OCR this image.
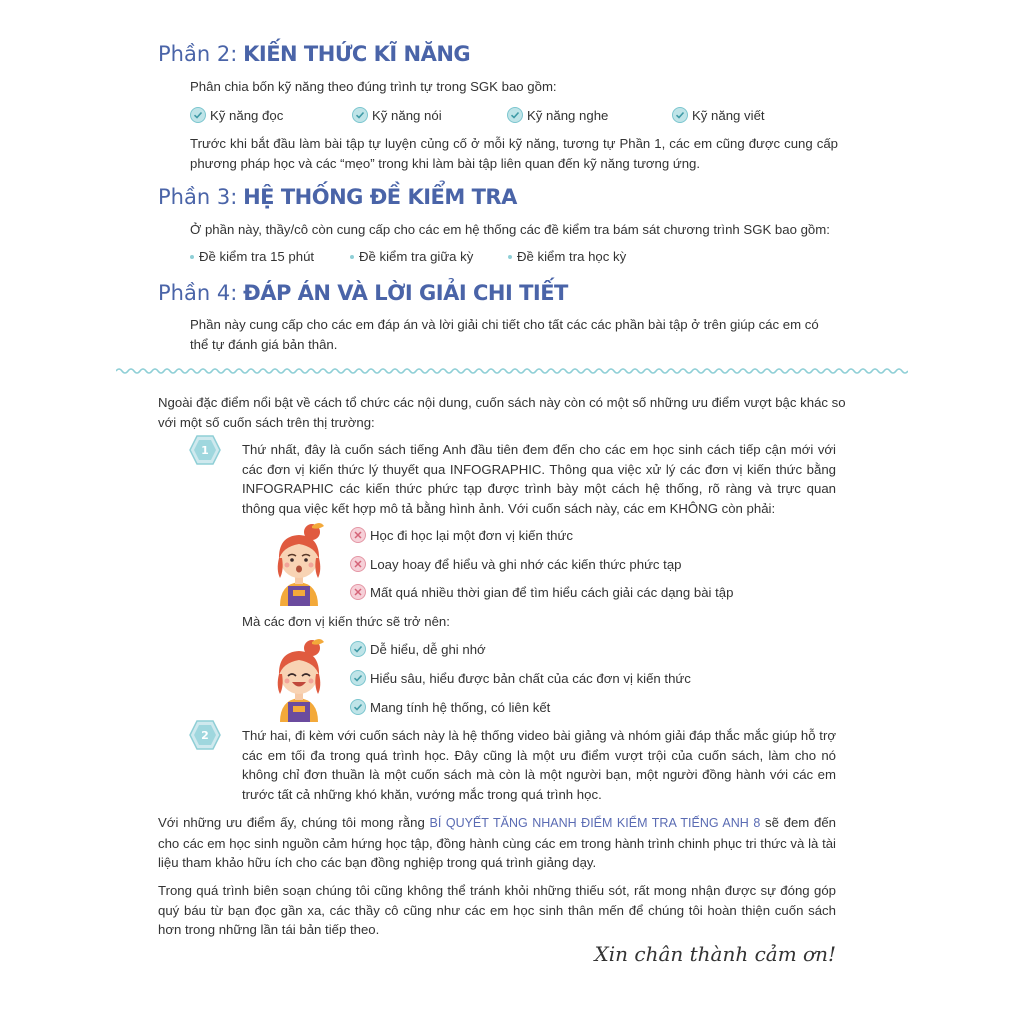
Phần 2: KIẾN THỨC KĨ NĂNG
Phân chia bốn kỹ năng theo đúng trình tự trong SGK bao gồm:
Kỹ năng đọc	Kỹ năng nói	Kỹ năng nghe	Kỹ năng viết
Trước khi bắt đầu làm bài tập tự luyện củng cố ở mỗi kỹ năng, tương tự Phần 1, các em cũng được cung cấp phương pháp học và các “mẹo” trong khi làm bài tập liên quan đến kỹ năng tương ứng.
Phần 3: HỆ THỐNG ĐỀ KIỂM TRA
Ở phần này, thầy/cô còn cung cấp cho các em hệ thống các đề kiểm tra bám sát chương trình SGK bao gồm:
Đề kiểm tra 15 phút	Đề kiểm tra giữa kỳ	Đề kiểm tra học kỳ
Phần 4: ĐÁP ÁN VÀ LỜI GIẢI CHI TIẾT
Phần này cung cấp cho các em đáp án và lời giải chi tiết cho tất các các phần bài tập ở trên giúp các em có thể tự đánh giá bản thân.
Ngoài đặc điểm nổi bật về cách tổ chức các nội dung, cuốn sách này còn có một số những ưu điểm vượt bậc khác so với một số cuốn sách trên thị trường:
1	Thứ nhất, đây là cuốn sách tiếng Anh đầu tiên đem đến cho các em học sinh cách tiếp cận mới với các đơn vị kiến thức lý thuyết qua INFOGRAPHIC. Thông qua việc xử lý các đơn vị kiến thức bằng INFOGRAPHIC các kiến thức phức tạp được trình bày một cách hệ thống, rõ ràng và trực quan thông qua việc kết hợp mô tả bằng hình ảnh. Với cuốn sách này, các em KHÔNG còn phải:
Học đi học lại một đơn vị kiến thức
Loay hoay để hiểu và ghi nhớ các kiến thức phức tạp
Mất quá nhiều thời gian để tìm hiểu cách giải các dạng bài tập
Mà các đơn vị kiến thức sẽ trở nên:
Dễ hiểu, dễ ghi nhớ
Hiểu sâu, hiểu được bản chất của các đơn vị kiến thức
Mang tính hệ thống, có liên kết
2	Thứ hai, đi kèm với cuốn sách này là hệ thống video bài giảng và nhóm giải đáp thắc mắc giúp hỗ trợ các em tối đa trong quá trình học. Đây cũng là một ưu điểm vượt trội của cuốn sách, làm cho nó không chỉ đơn thuần là một cuốn sách mà còn là một người bạn, một người đồng hành với các em trước tất cả những khó khăn, vướng mắc trong quá trình học.
Với những ưu điểm ấy, chúng tôi mong rằng BÍ QUYẾT TĂNG NHANH ĐIỂM KIỂM TRA TIẾNG ANH 8 sẽ đem đến cho các em học sinh nguồn cảm hứng học tập, đồng hành cùng các em trong hành trình chinh phục tri thức và là tài liệu tham khảo hữu ích cho các bạn đồng nghiệp trong quá trình giảng dạy.
Trong quá trình biên soạn chúng tôi cũng không thể tránh khỏi những thiếu sót, rất mong nhận được sự đóng góp quý báu từ bạn đọc gần xa, các thầy cô cũng như các em học sinh thân mến để chúng tôi hoàn thiện cuốn sách hơn trong những lần tái bản tiếp theo.
Xin chân thành cảm ơn!
